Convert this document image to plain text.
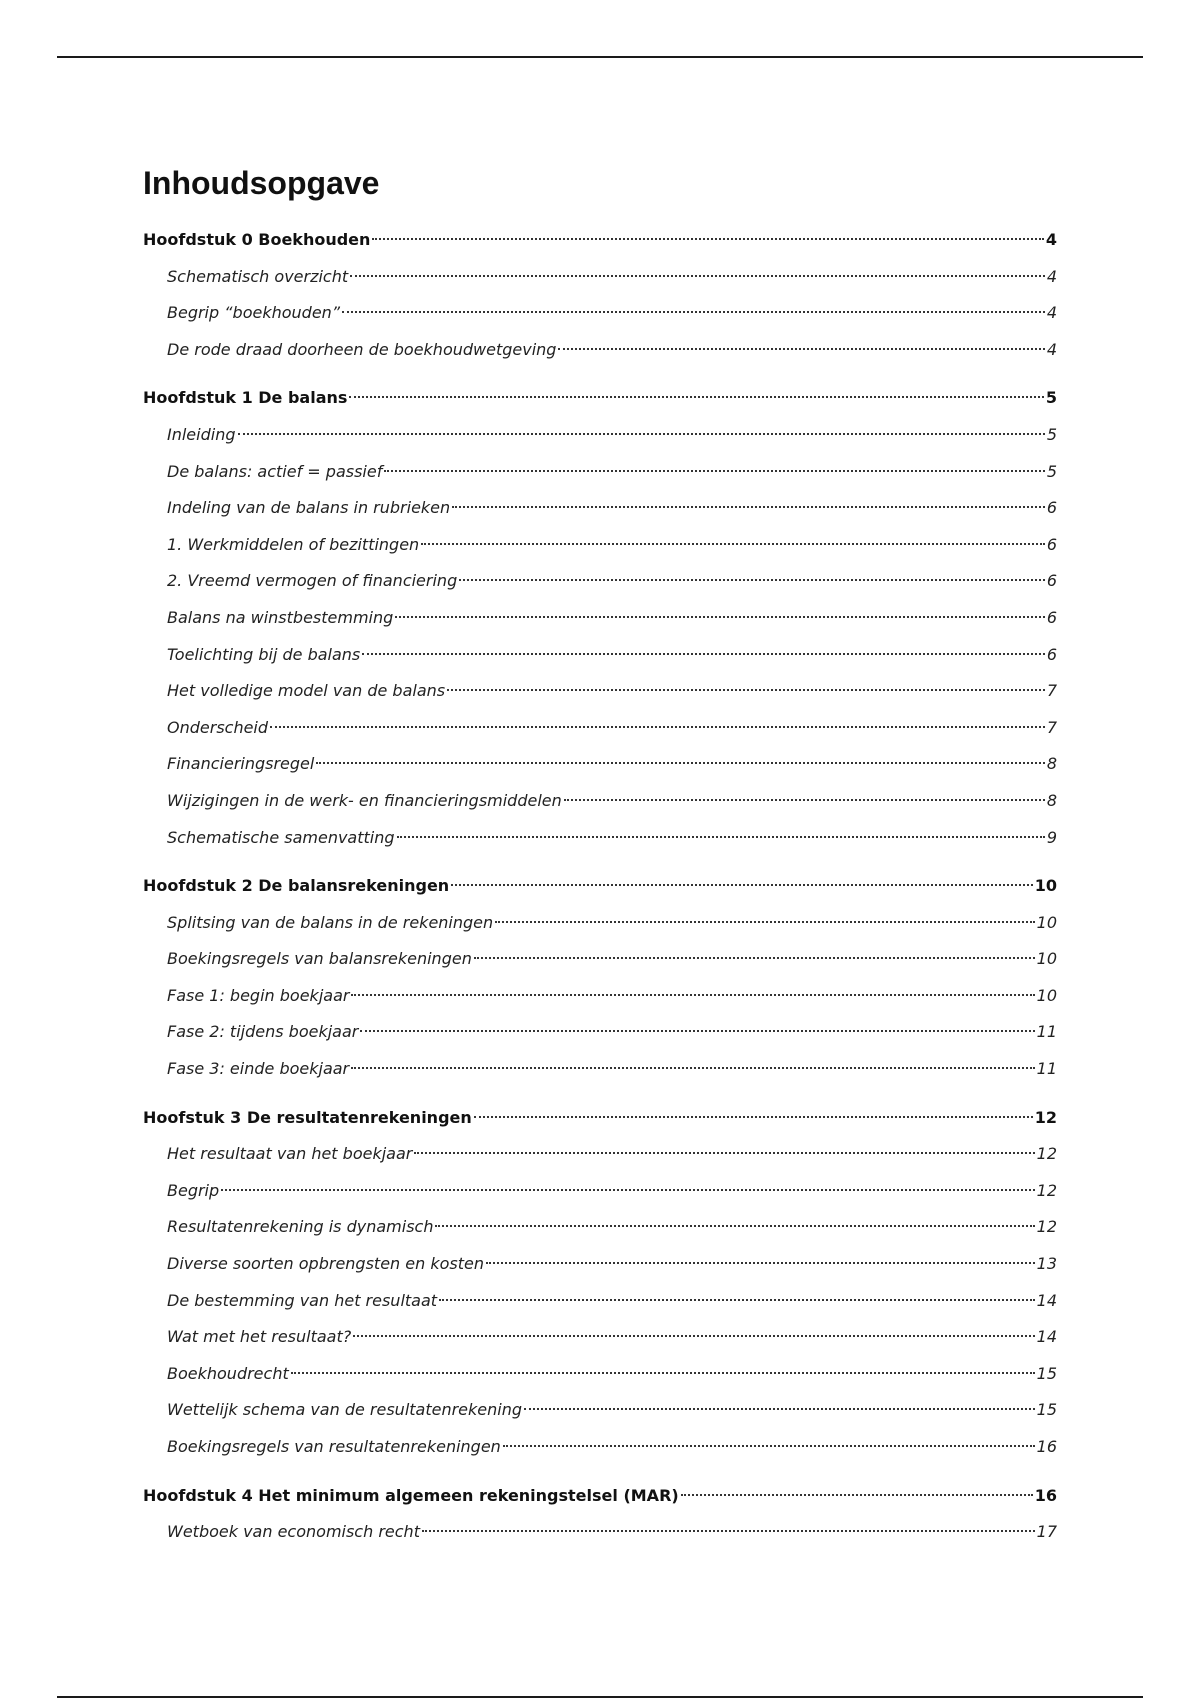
Inhoudsopgave
Hoofdstuk 0 Boekhouden	4
Schematisch overzicht	4
Begrip “boekhouden”	4
De rode draad doorheen de boekhoudwetgeving	4
Hoofdstuk 1 De balans	5
Inleiding	5
De balans: actief = passief	5
Indeling van de balans in rubrieken	6
1. Werkmiddelen of bezittingen	6
2. Vreemd vermogen of financiering	6
Balans na winstbestemming	6
Toelichting bij de balans	6
Het volledige model van de balans	7
Onderscheid	7
Financieringsregel	8
Wijzigingen in de werk- en financieringsmiddelen	8
Schematische samenvatting	9
Hoofdstuk 2 De balansrekeningen	10
Splitsing van de balans in de rekeningen	10
Boekingsregels van balansrekeningen	10
Fase 1: begin boekjaar	10
Fase 2: tijdens boekjaar	11
Fase 3: einde boekjaar	11
Hoofstuk 3 De resultatenrekeningen	12
Het resultaat van het boekjaar	12
Begrip	12
Resultatenrekening is dynamisch	12
Diverse soorten opbrengsten en kosten	13
De bestemming van het resultaat	14
Wat met het resultaat?	14
Boekhoudrecht	15
Wettelijk schema van de resultatenrekening	15
Boekingsregels van resultatenrekeningen	16
Hoofdstuk 4 Het minimum algemeen rekeningstelsel (MAR)	16
Wetboek van economisch recht	17
